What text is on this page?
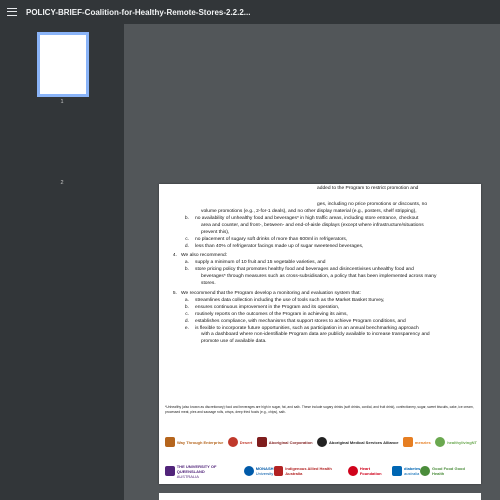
POLICY-BRIEF-Coalition-for-Healthy-Remote-Stores-2.2.2...
1
2
added to the Program to restrict promotion and
ges, including no price promotions or discounts, no
volume promotions (e.g., 2-for-1 deals), and no other display material (e.g., posters, shelf stripping),
b.	no availability of unhealthy food and beverages* in high traffic areas, including store entrance, checkout
area and counter, and front-, between- and end-of-aisle displays (except where infrastructure/situations
prevent this),
c.	no placement of sugary soft drinks of more than 600ml in refrigerators,
d.	less than 40% of refrigerator facings made up of sugar sweetened beverages,
4. We also recommend:
a.	supply a minimum of 10 fruit and 15 vegetable varieties, and
b.	store pricing policy that promotes healthy food and beverages and disincentivises unhealthy food and
beverages* through measures such as cross-subsidisation, a policy that has been implemented across many
stores.
5. We recommend that the Program develop a monitoring and evaluation system that:
a.	streamlines data collection including the use of tools such as the Market Basket Survey,
b.	ensures continuous improvement in the Program and its operation,
c.	routinely reports on the outcomes of the Program in achieving its aims,
d.	establishes compliance, with mechanisms that support stores to achieve Program conditions, and
e.	is flexible to incorporate future opportunities, such as participation in an annual benchmarking approach
with a dashboard where non-identifiable Program data are publicly available to increase transparency and
promote use of available data.
*Unhealthy (also known as discretionary) food and beverages are high in sugar, fat, and salt¹. These include sugary drinks (soft drinks, cordial, and fruit drink), confectionery, sugar, sweet biscuits, cake, ice cream, processed meat, pies and sausage rolls, crisps, deep fried foods (e.g., chips), salt¹.
Way Through Enterprise	Desert	Aboriginal Corporation	Aboriginal Medical Services Alliance	menzies	healthylivingNT
THE UNIVERSITY OF QUEENSLAND
AUSTRALIA
MONASH
University
Indigenous Allied Health Australia
Heart Foundation
diabetes
australia
Good Food Good Health
